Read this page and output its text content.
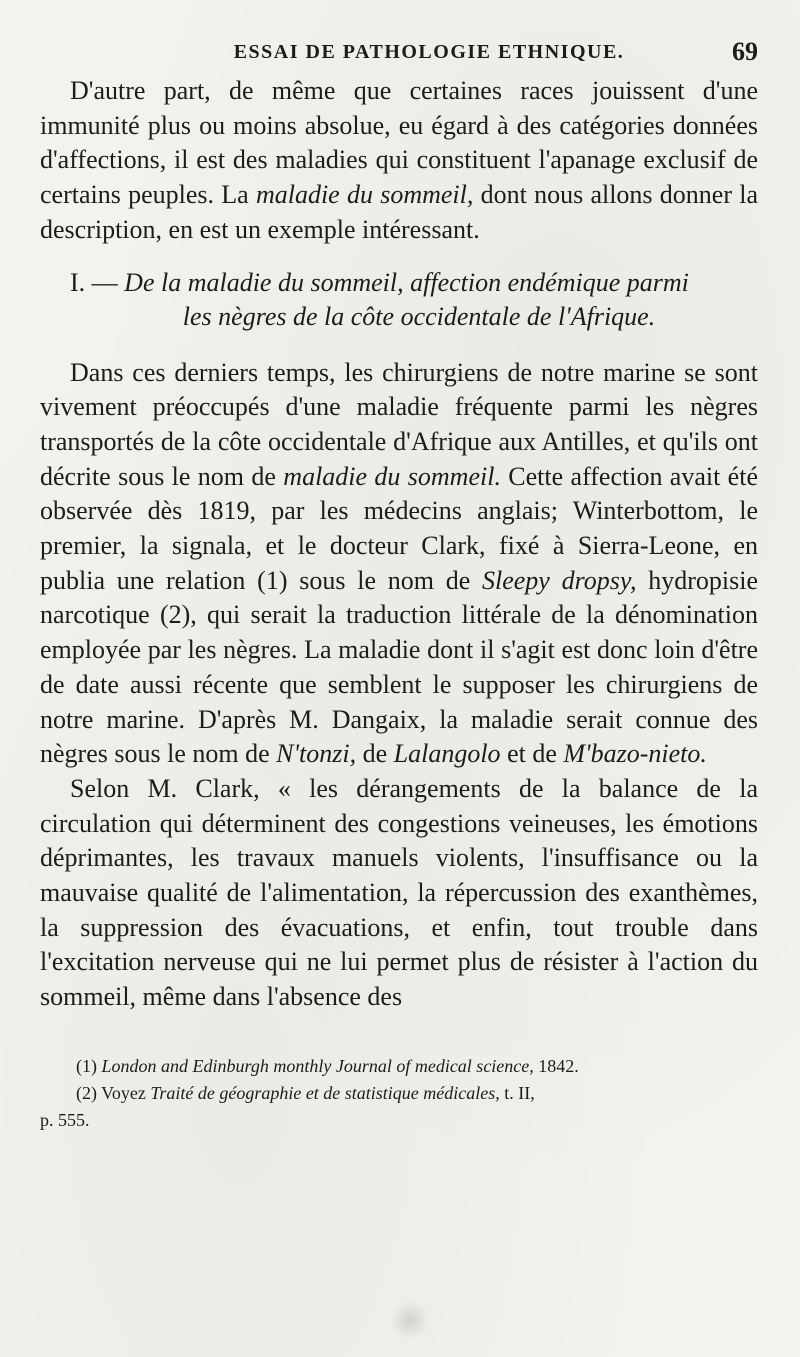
ESSAI DE PATHOLOGIE ETHNIQUE.	69

D'autre part, de même que certaines races jouissent d'une immunité plus ou moins absolue, eu égard à des catégories données d'affections, il est des maladies qui constituent l'apanage exclusif de certains peuples. La maladie du sommeil, dont nous allons donner la description, en est un exemple intéressant.

I. — De la maladie du sommeil, affection endémique parmi
les nègres de la côte occidentale de l'Afrique.

Dans ces derniers temps, les chirurgiens de notre marine se sont vivement préoccupés d'une maladie fréquente parmi les nègres transportés de la côte occidentale d'Afrique aux Antilles, et qu'ils ont décrite sous le nom de maladie du sommeil. Cette affection avait été observée dès 1819, par les médecins anglais; Winterbottom, le premier, la signala, et le docteur Clark, fixé à Sierra-Leone, en publia une relation (1) sous le nom de Sleepy dropsy, hydropisie narcotique (2), qui serait la traduction littérale de la dénomination employée par les nègres. La maladie dont il s'agit est donc loin d'être de date aussi récente que semblent le supposer les chirurgiens de notre marine. D'après M. Dangaix, la maladie serait connue des nègres sous le nom de N'tonzi, de Lalangolo et de M'bazo-nieto.

Selon M. Clark, « les dérangements de la balance de la circulation qui déterminent des congestions veineuses, les émotions déprimantes, les travaux manuels violents, l'insuffisance ou la mauvaise qualité de l'alimentation, la répercussion des exanthèmes, la suppression des évacuations, et enfin, tout trouble dans l'excitation nerveuse qui ne lui permet plus de résister à l'action du sommeil, même dans l'absence des

(1) London and Edinburgh monthly Journal of medical science, 1842.

(2) Voyez Traité de géographie et de statistique médicales, t. II,

p. 555.
